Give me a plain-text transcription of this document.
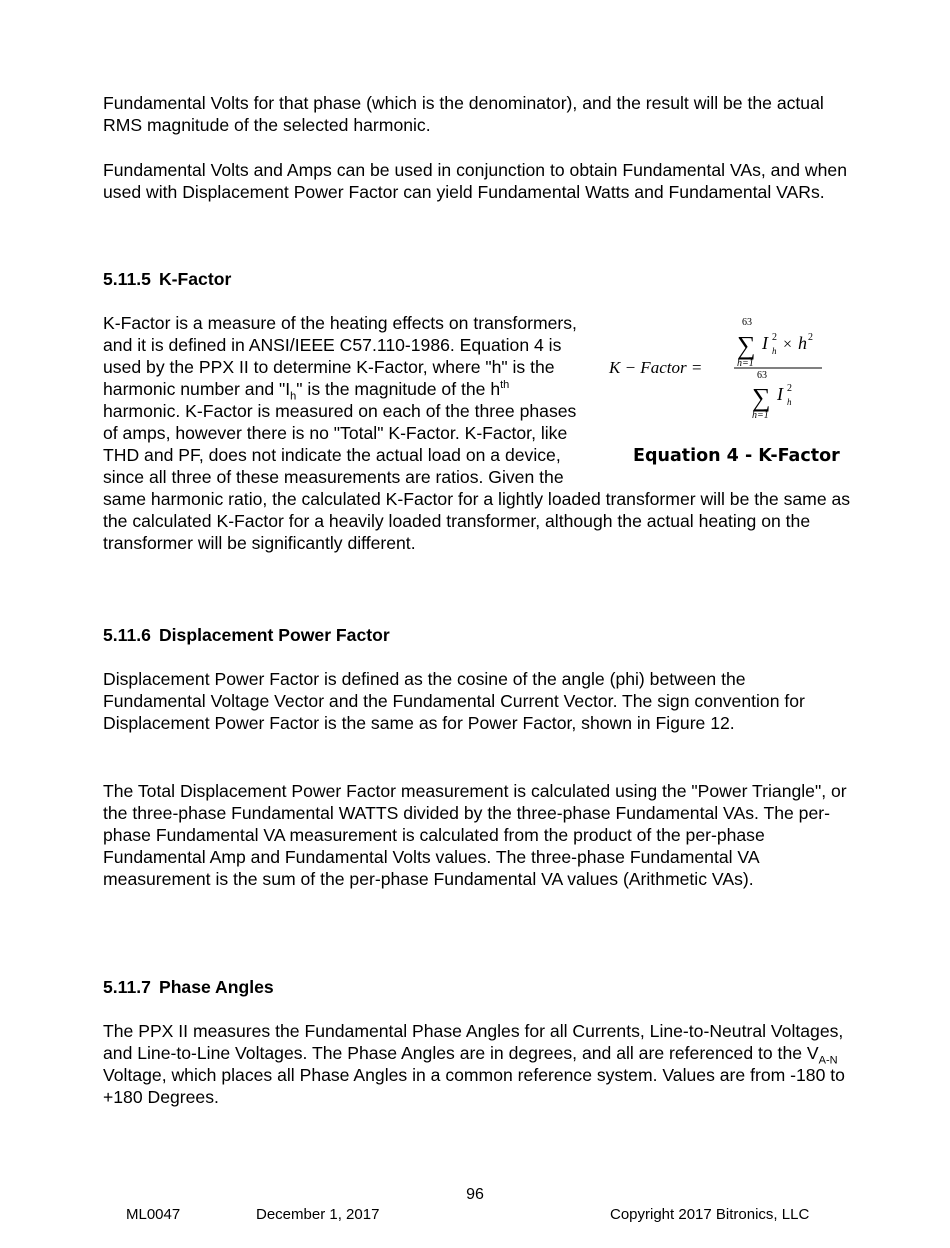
Fundamental Volts for that phase (which is the denominator), and the result will be the actual RMS magnitude of the selected harmonic.

Fundamental Volts and Amps can be used in conjunction to obtain Fundamental VAs, and when used with Displacement Power Factor can yield Fundamental Watts and Fundamental VARs.

5.11.5 K-Factor
K − Factor =
63
∑
h=1
I 2
h × h 2
63
∑
h=1
I 2
h
Equation 4 - K-Factor

K-Factor is a measure of the heating effects on transformers, and it is defined in ANSI/IEEE C57.110-1986. Equation 4 is used by the PPX II to determine K-Factor, where "h" is the harmonic number and "$I_h$" is the magnitude of the $h^{th}$ harmonic. K-Factor is measured on each of the three phases of amps, however there is no "Total" K-Factor. K-Factor, like THD and PF, does not indicate the actual load on a device, since all three of these measurements are ratios. Given the same harmonic ratio, the calculated K-Factor for a lightly loaded transformer will be the same as the calculated K-Factor for a heavily loaded transformer, although the actual heating on the transformer will be significantly different.

5.11.6 Displacement Power Factor

Displacement Power Factor is defined as the cosine of the angle (phi) between the Fundamental Voltage Vector and the Fundamental Current Vector. The sign convention for Displacement Power Factor is the same as for Power Factor, shown in Figure 12.

The Total Displacement Power Factor measurement is calculated using the "Power Triangle", or the three-phase Fundamental WATTS divided by the three-phase Fundamental VAs. The per-phase Fundamental VA measurement is calculated from the product of the per-phase Fundamental Amp and Fundamental Volts values. The three-phase Fundamental VA measurement is the sum of the per-phase Fundamental VA values (Arithmetic VAs).

5.11.7 Phase Angles

The PPX II measures the Fundamental Phase Angles for all Currents, Line-to-Neutral Voltages, and Line-to-Line Voltages. The Phase Angles are in degrees, and all are referenced to the $V_{A-N}$ Voltage, which places all Phase Angles in a common reference system. Values are from -180 to +180 Degrees.

96
ML0047	December 1, 2017	Copyright 2017 Bitronics, LLC
